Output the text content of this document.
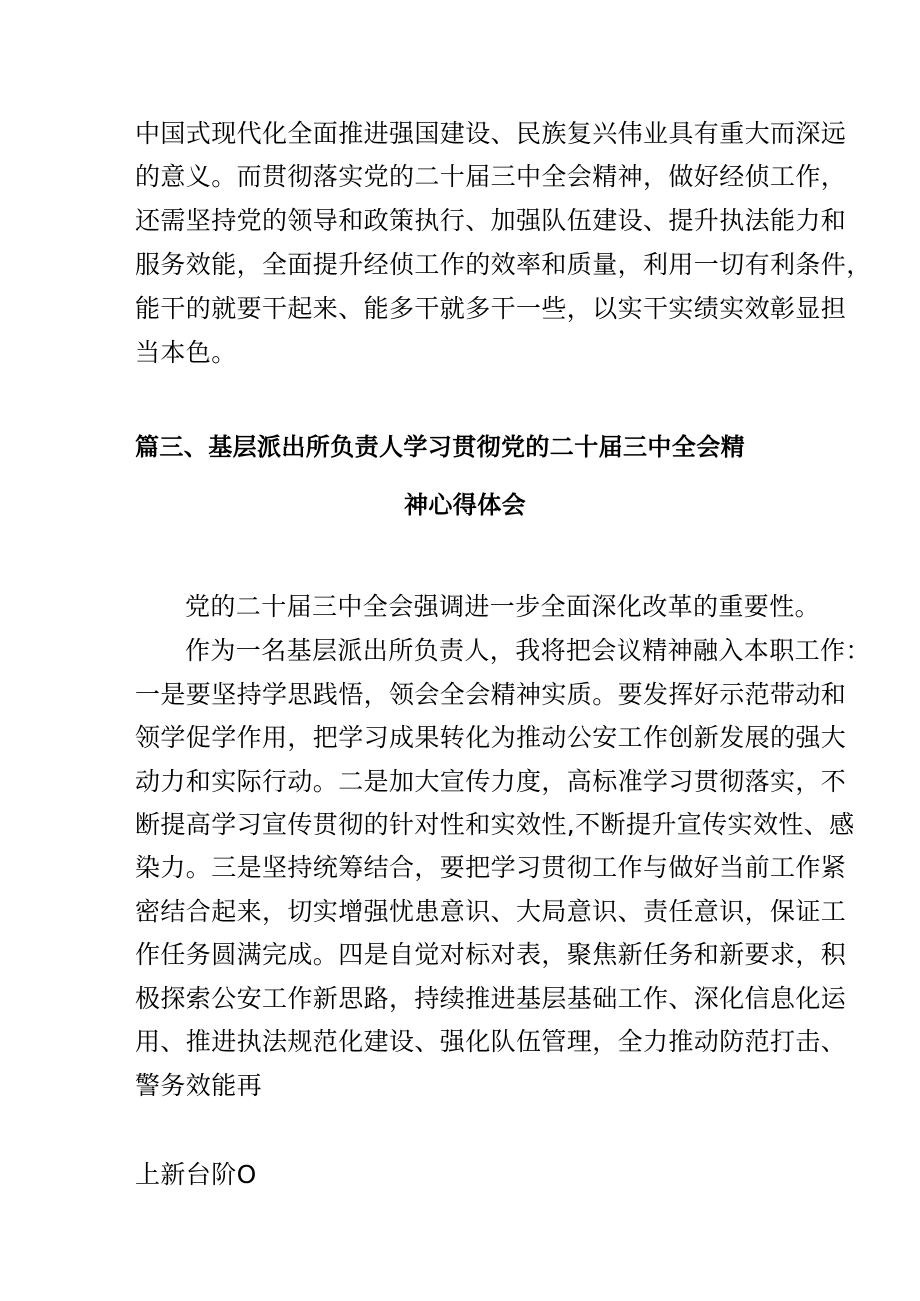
中国式现代化全面推进强国建设、民族复兴伟业具有重大而深远
的意义。而贯彻落实党的二十届三中全会精神，做好经侦工作，
还需坚持党的领导和政策执行、加强队伍建设、提升执法能力和
服务效能，全面提升经侦工作的效率和质量，利用一切有利条件，
能干的就要干起来、能多干就多干一些，以实干实绩实效彰显担
当本色。
篇三、基层派出所负责人学习贯彻党的二十届三中全会精
神心得体会
党的二十届三中全会强调进一步全面深化改革的重要性。
作为一名基层派出所负责人，我将把会议精神融入本职工作：
一是要坚持学思践悟，领会全会精神实质。要发挥好示范带动和
领学促学作用，把学习成果转化为推动公安工作创新发展的强大
动力和实际行动。二是加大宣传力度，高标准学习贯彻落实，不
断提高学习宣传贯彻的针对性和实效性,不断提升宣传实效性、感
染力。三是坚持统筹结合，要把学习贯彻工作与做好当前工作紧
密结合起来，切实增强忧患意识、大局意识、责任意识，保证工
作任务圆满完成。四是自觉对标对表，聚焦新任务和新要求，积
极探索公安工作新思路，持续推进基层基础工作、深化信息化运
用、推进执法规范化建设、强化队伍管理，全力推动防范打击、
警务效能再
上新台阶O
